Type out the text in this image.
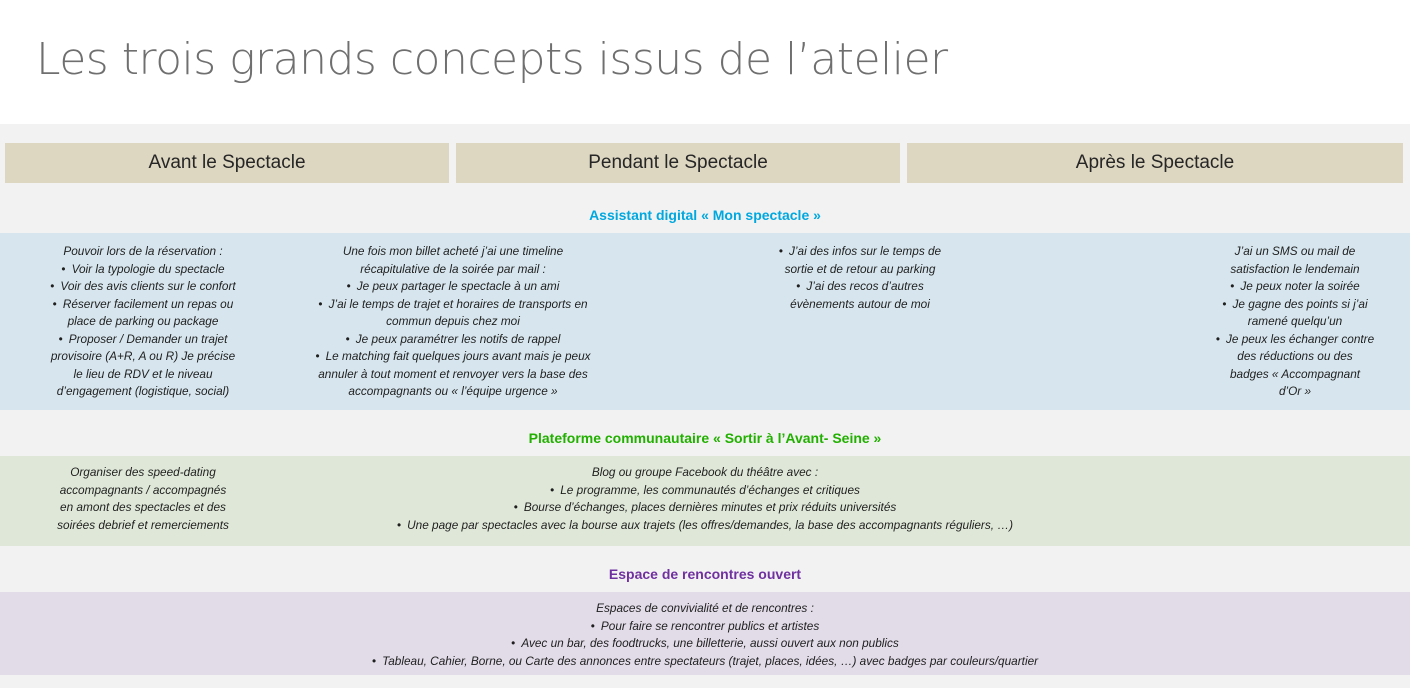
Les trois grands concepts issus de l’atelier
Avant le Spectacle	Pendant le Spectacle	Après le Spectacle
Assistant digital « Mon spectacle »
Pouvoir lors de la réservation :
• Voir la typologie du spectacle
• Voir des avis clients sur le confort
• Réserver facilement un repas ou
place de parking ou package
• Proposer / Demander un trajet
provisoire (A+R, A ou R) Je précise
le lieu de RDV et le niveau
d’engagement (logistique, social)
Une fois mon billet acheté j’ai une timeline
récapitulative de la soirée par mail :
• Je peux partager le spectacle à un ami
• J’ai le temps de trajet et horaires de transports en
commun depuis chez moi
• Je peux paramétrer les notifs de rappel
• Le matching fait quelques jours avant mais je peux
annuler à tout moment et renvoyer vers la base des
accompagnants ou « l’équipe urgence »
• J’ai des infos sur le temps de
sortie et de retour au parking
• J’ai des recos d’autres
évènements autour de moi
J’ai un SMS ou mail de
satisfaction le lendemain
• Je peux noter la soirée
• Je gagne des points si j’ai
ramené quelqu’un
• Je peux les échanger contre
des réductions ou des
badges « Accompagnant
d’Or »
Plateforme communautaire « Sortir à l’Avant- Seine »
Organiser des speed-dating
accompagnants / accompagnés
en amont des spectacles et des
soirées debrief et remerciements
Blog ou groupe Facebook du théâtre avec :
• Le programme, les communautés d’échanges et critiques
• Bourse d’échanges, places dernières minutes et prix réduits universités
• Une page par spectacles avec la bourse aux trajets (les offres/demandes, la base des accompagnants réguliers, …)
Espace de rencontres ouvert
Espaces de convivialité et de rencontres :
• Pour faire se rencontrer publics et artistes
• Avec un bar, des foodtrucks, une billetterie, aussi ouvert aux non publics
• Tableau, Cahier, Borne, ou Carte des annonces entre spectateurs (trajet, places, idées, …) avec badges par couleurs/quartier
